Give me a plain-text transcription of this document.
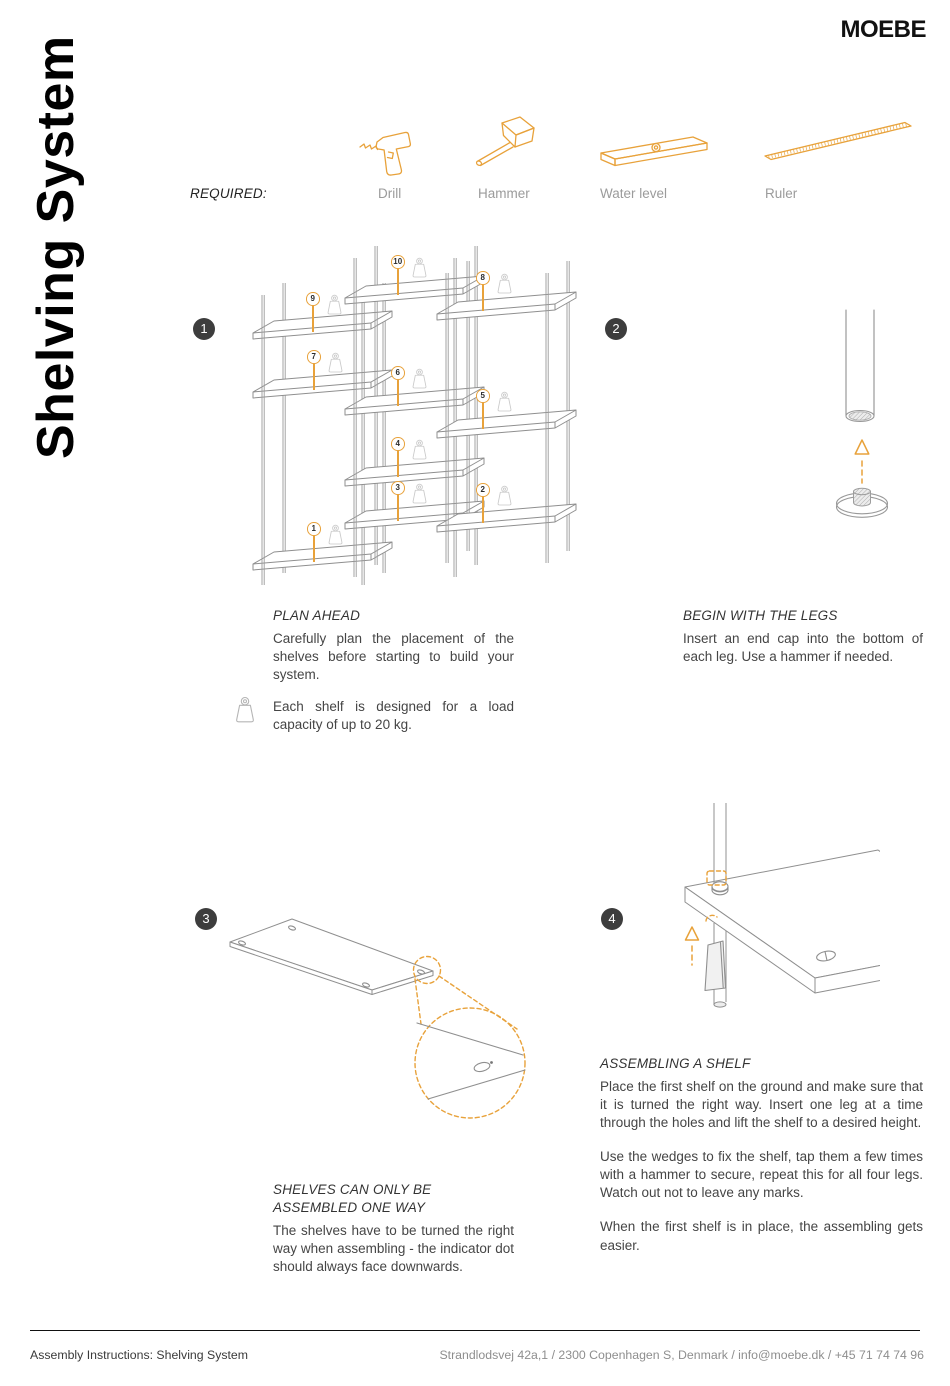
Shelving System
MOEBE
REQUIRED:	Drill	Hammer	Water level	Ruler
1	2
3	4
1
2
3
4
5
6
7
8
9
10
PLAN AHEAD
Carefully plan the placement of the shelves before starting to build your system.
Each shelf is designed for a load capacity of up to 20 kg.
BEGIN WITH THE LEGS
Insert an end cap into the bottom of each leg. Use a hammer if needed.
SHELVES CAN ONLY BE ASSEMBLED ONE WAY
The shelves have to be turned the right way when assembling - the indicator dot should always face downwards.
ASSEMBLING A SHELF

Place the first shelf on the ground and make sure that it is turned the right way. Insert one leg at a time through the holes and lift the shelf to a desired height.

Use the wedges to fix the shelf, tap them a few times with a hammer to secure, repeat this for all four legs. Watch out not to leave any marks.

When the first shelf is in place, the assembling gets easier.

Assembly Instructions: Shelving System	Strandlodsvej 42a,1 / 2300 Copenhagen S, Denmark / info@moebe.dk / +45 71 74 74 96
